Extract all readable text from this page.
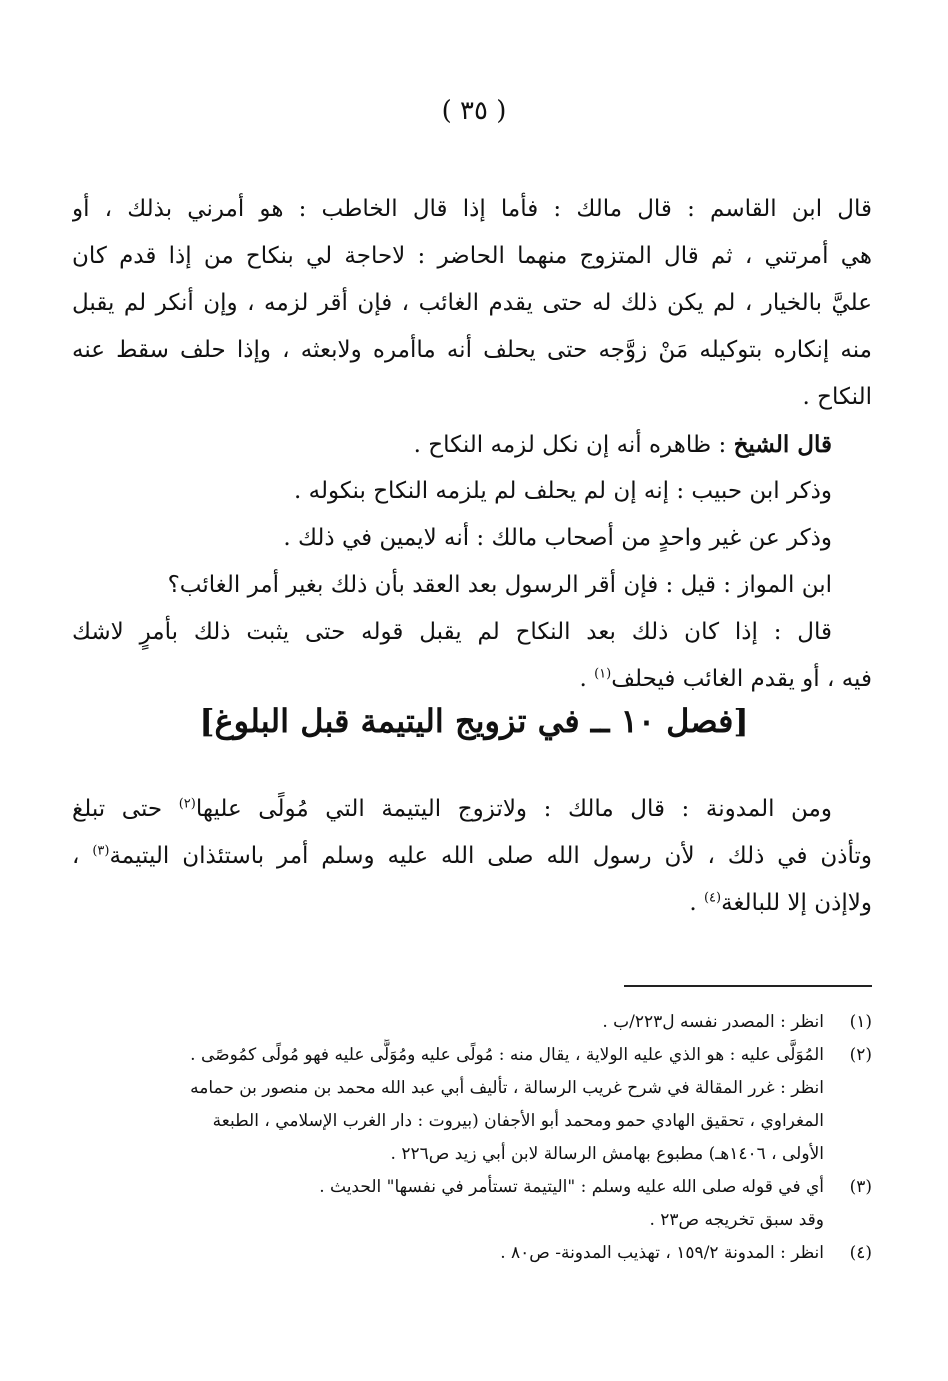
( ٣٥ )
قال ابن القاسم : قال مالك : فأما إذا قال الخاطب : هو أمرني بذلك ، أو
هي أمرتني ، ثم قال المتزوج منهما الحاضر : لاحاجة لي بنكاح من إذا قدم كان
عليَّ بالخيار ، لم يكن ذلك له حتى يقدم الغائب ، فإن أقر لزمه ، وإن أنكر لم يقبل
منه إنكاره بتوكيله مَنْ زوَّجه حتى يحلف أنه ماأمره ولابعثه ، وإذا حلف سقط عنه
النكاح .
قال الشيخ : ظاهره أنه إن نكل لزمه النكاح .
وذكر ابن حبيب : إنه إن لم يحلف لم يلزمه النكاح بنكوله .
وذكر عن غير واحدٍ من أصحاب مالك : أنه لايمين في ذلك .
ابن المواز : قيل : فإن أقر الرسول بعد العقد بأن ذلك بغير أمر الغائب؟
قال : إذا كان ذلك بعد النكاح لم يقبل قوله حتى يثبت ذلك بأمرٍ لاشك
فيه ، أو يقدم الغائب فيحلف$^{(١)}$ .
[فصل ١٠ ــ في تزويج اليتيمة قبل البلوغ]
ومن المدونة : قال مالك : ولاتزوج اليتيمة التي مُولًى عليها$^{(٢)}$ حتى تبلغ
وتأذن في ذلك ، لأن رسول الله صلى الله عليه وسلم أمر باستئذان اليتيمة$^{(٣)}$ ،
ولاإذن إلا للبالغة$^{(٤)}$ .
(١)
انظر : المصدر نفسه ل٢٢٣/ب .
(٢)
المُوَلَّى عليه : هو الذي عليه الولاية ، يقال منه : مُولًى عليه ومُوَلًّى عليه فهو مُولًى كمُوصًى .
انظر : غرر المقالة في شرح غريب الرسالة ، تأليف أبي عبد الله محمد بن منصور بن حمامه
المغراوي ، تحقيق الهادي حمو ومحمد أبو الأجفان (بيروت : دار الغرب الإسلامي ، الطبعة
الأولى ، ١٤٠٦هـ) مطبوع بهامش الرسالة لابن أبي زيد ص٢٢٦ .
(٣)
أي في قوله صلى الله عليه وسلم : "اليتيمة تستأمر في نفسها" الحديث .
وقد سبق تخريجه ص٢٣ .
(٤)
انظر : المدونة ١٥٩/٢ ، تهذيب المدونة- ص٨٠ .
